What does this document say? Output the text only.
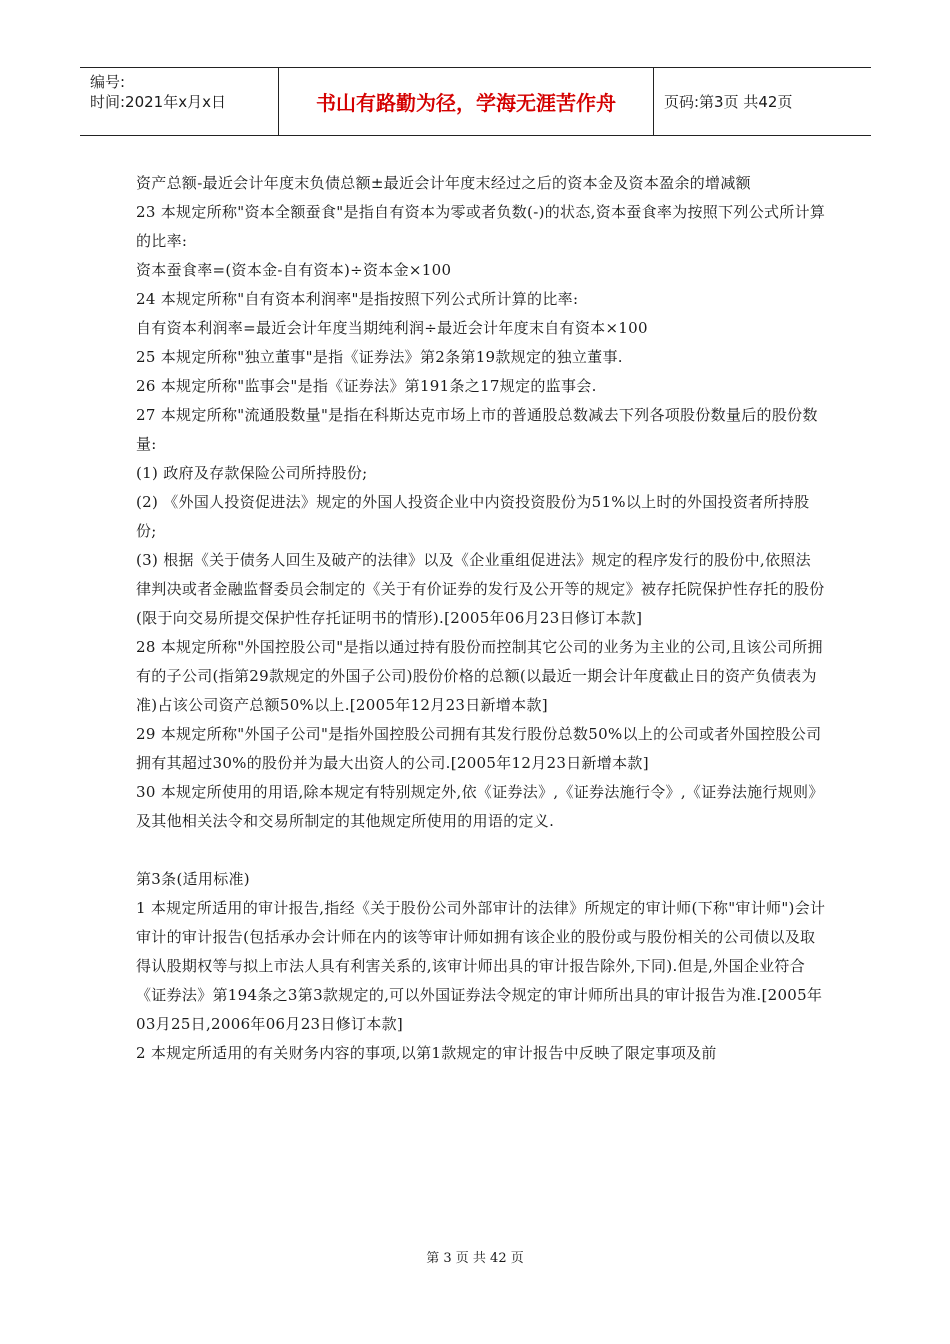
编号:
时间:2021年x月x日	书山有路勤为径，学海无涯苦作舟	页码:第3页 共42页

资产总额-最近会计年度末负债总额±最近会计年度末经过之后的资本金及资本盈余的增减额

23 本规定所称"资本全额蚕食"是指自有资本为零或者负数(-)的状态,资本蚕食率为按照下列公式所计算的比率:

资本蚕食率=(资本金-自有资本)÷资本金×100

24 本规定所称"自有资本利润率"是指按照下列公式所计算的比率:

自有资本利润率=最近会计年度当期纯利润÷最近会计年度末自有资本×100

25 本规定所称"独立董事"是指《证券法》第2条第19款规定的独立董事.

26 本规定所称"监事会"是指《证券法》第191条之17规定的监事会.

27 本规定所称"流通股数量"是指在科斯达克市场上市的普通股总数减去下列各项股份数量后的股份数量:

(1) 政府及存款保险公司所持股份;

(2) 《外国人投资促进法》规定的外国人投资企业中内资投资股份为51%以上时的外国投资者所持股份;

(3) 根据《关于债务人回生及破产的法律》以及《企业重组促进法》规定的程序发行的股份中,依照法律判决或者金融监督委员会制定的《关于有价证券的发行及公开等的规定》被存托院保护性存托的股份(限于向交易所提交保护性存托证明书的情形).[2005年06月23日修订本款]

28 本规定所称"外国控股公司"是指以通过持有股份而控制其它公司的业务为主业的公司,且该公司所拥有的子公司(指第29款规定的外国子公司)股份价格的总额(以最近一期会计年度截止日的资产负债表为准)占该公司资产总额50%以上.[2005年12月23日新增本款]

29 本规定所称"外国子公司"是指外国控股公司拥有其发行股份总数50%以上的公司或者外国控股公司拥有其超过30%的股份并为最大出资人的公司.[2005年12月23日新增本款]

30 本规定所使用的用语,除本规定有特别规定外,依《证券法》,《证券法施行令》,《证券法施行规则》及其他相关法令和交易所制定的其他规定所使用的用语的定义.

第3条(适用标准)

1 本规定所适用的审计报告,指经《关于股份公司外部审计的法律》所规定的审计师(下称"审计师")会计审计的审计报告(包括承办会计师在内的该等审计师如拥有该企业的股份或与股份相关的公司债以及取得认股期权等与拟上市法人具有利害关系的,该审计师出具的审计报告除外,下同).但是,外国企业符合《证券法》第194条之3第3款规定的,可以外国证券法令规定的审计师所出具的审计报告为准.[2005年03月25日,2006年06月23日修订本款]

2 本规定所适用的有关财务内容的事项,以第1款规定的审计报告中反映了限定事项及前

第 3 页 共 42 页
